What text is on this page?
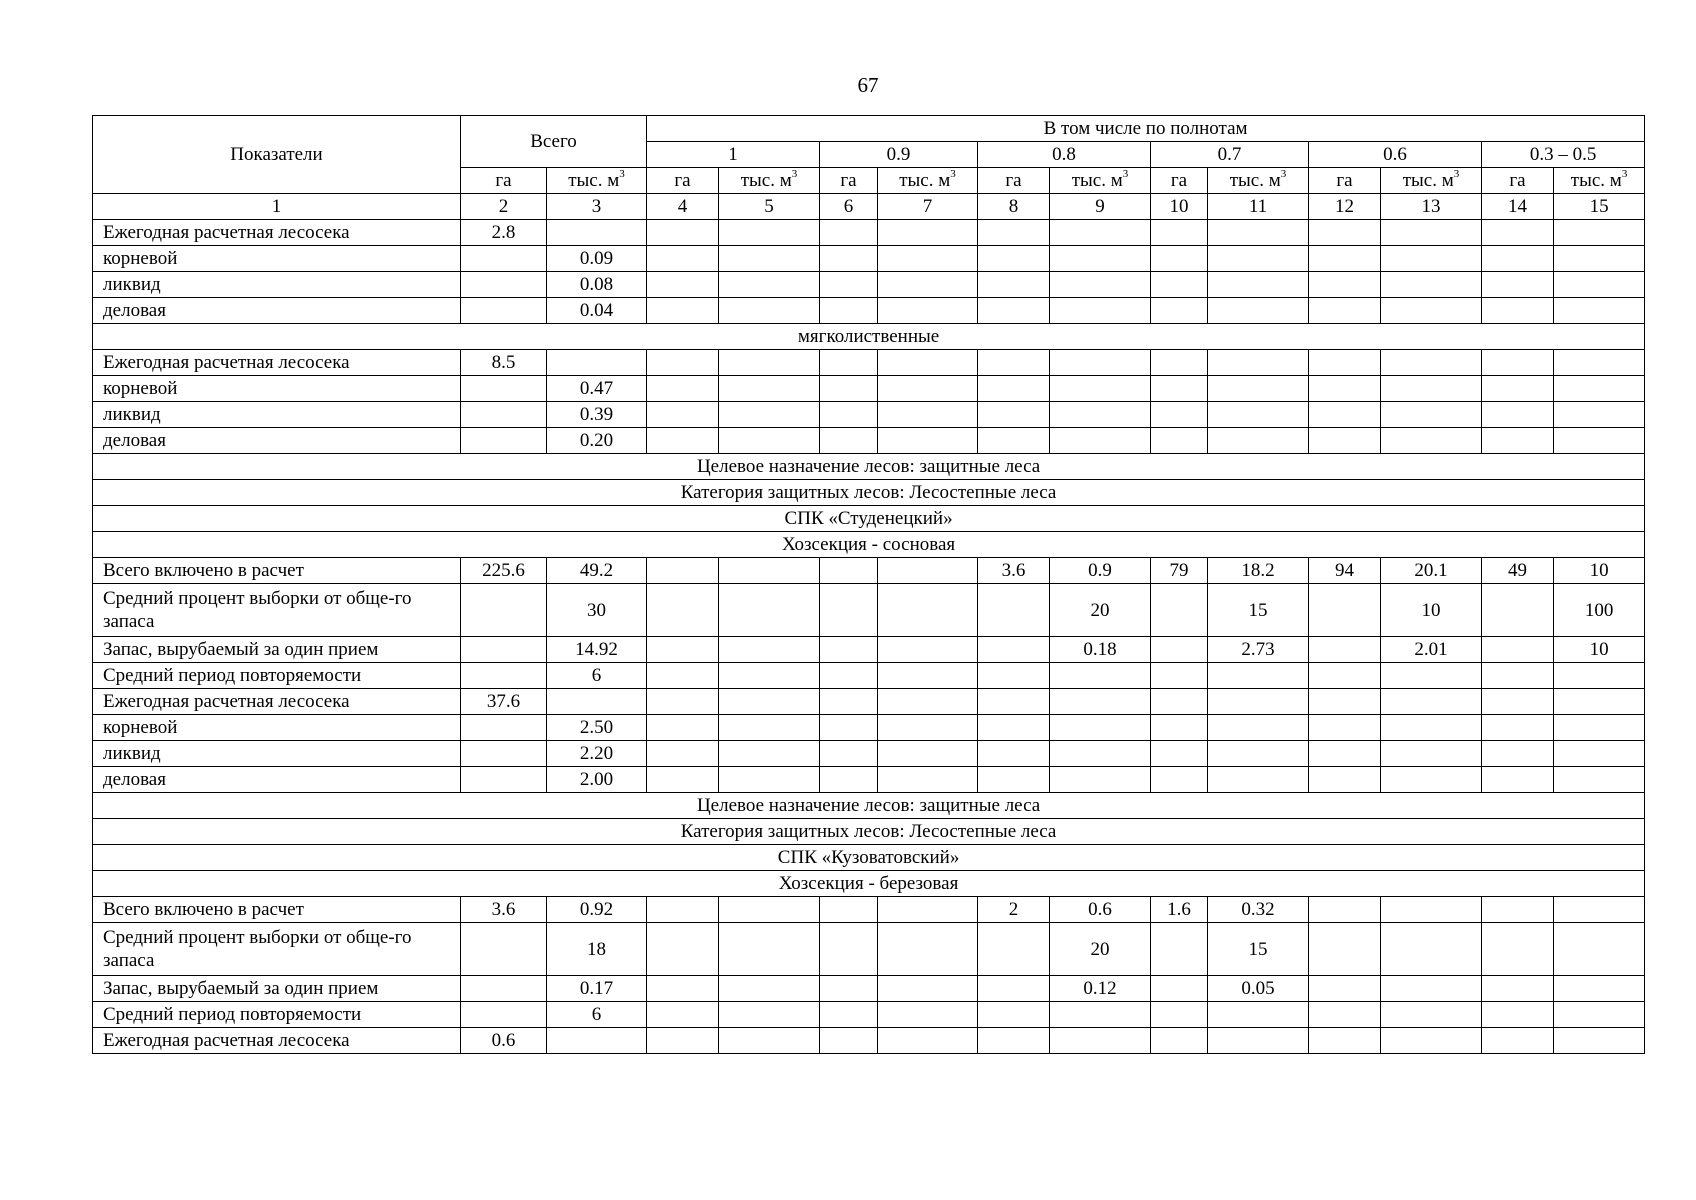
67
Показатели	Всего		В том числе по полнотам											
			1		0.9		0.8		0.7		0.6		0.3 – 0.5	
	га	тыс. $м^3$	га	тыс. $м^3$	га	тыс. $м^3$	га	тыс. $м^3$	га	тыс. $м^3$	га	тыс. $м^3$	га	тыс. $м^3$
1	2	3	4	5	6	7	8	9	10	11	12	13	14	15
Ежегодная расчетная лесосека	2.8													
корневой		0.09												
ликвид		0.08												
деловая		0.04												
мягколиственные														
Ежегодная расчетная лесосека	8.5													
корневой		0.47												
ликвид		0.39												
деловая		0.20												
Целевое назначение лесов: защитные леса														
Категория защитных лесов: Лесостепные леса														
СПК «Студенецкий»														
Хозсекция - сосновая														
Всего включено в расчет	225.6	49.2					3.6	0.9	79	18.2	94	20.1	49	10
Средний процент выборки от обще-го запаса		30						20		15		10		100
Запас, вырубаемый за один прием		14.92						0.18		2.73		2.01		10
Средний период повторяемости		6												
Ежегодная расчетная лесосека	37.6													
корневой		2.50												
ликвид		2.20												
деловая		2.00												
Целевое назначение лесов: защитные леса														
Категория защитных лесов: Лесостепные леса														
СПК «Кузоватовский»														
Хозсекция - березовая														
Всего включено в расчет	3.6	0.92					2	0.6	1.6	0.32				
Средний процент выборки от обще-го запаса		18						20		15				
Запас, вырубаемый за один прием		0.17						0.12		0.05				
Средний период повторяемости		6												
Ежегодная расчетная лесосека	0.6													
